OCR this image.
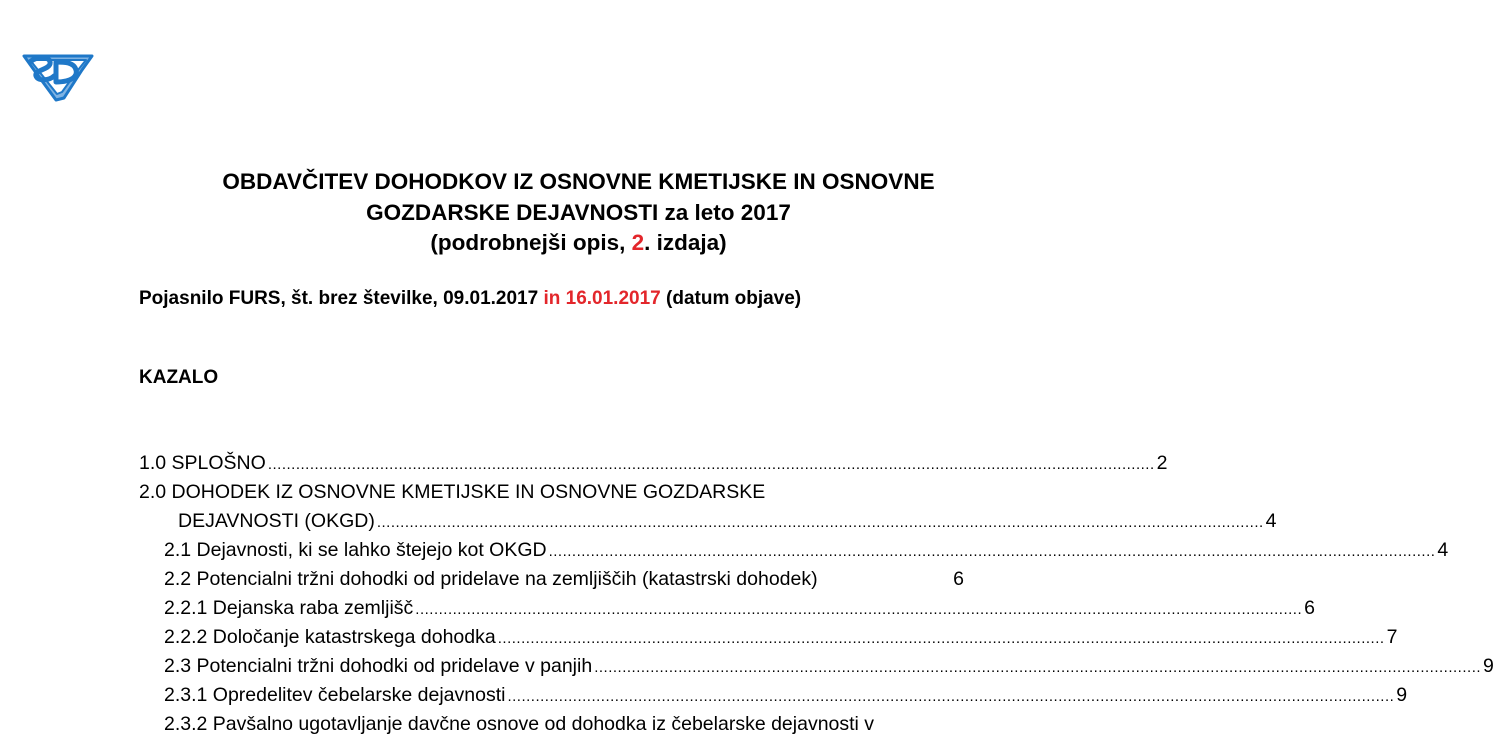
OBDAVČITEV DOHODKOV IZ OSNOVNE KMETIJSKE IN OSNOVNE
GOZDARSKE DEJAVNOSTI za leto 2017
(podrobnejši opis, 2. izdaja)
Pojasnilo FURS, št. brez številke, 09.01.2017 in 16.01.2017 (datum objave)
KAZALO
1.0 SPLOŠNO .............................................................................................................................................................................................. 2
2.0 DOHODEK IZ OSNOVNE KMETIJSKE IN OSNOVNE GOZDARSKE
DEJAVNOSTI (OKGD) .............................................................................................................................................................................................. 4
2.1 Dejavnosti, ki se lahko štejejo kot OKGD .............................................................................................................................................................................................. 4
2.2 Potencialni tržni dohodki od pridelave na zemljiščih (katastrski dohodek)	6
2.2.1 Dejanska raba zemljišč .............................................................................................................................................................................................. 6
2.2.2 Določanje katastrskega dohodka .............................................................................................................................................................................................. 7
2.3 Potencialni tržni dohodki od pridelave v panjih .............................................................................................................................................................................................. 9
2.3.1 Opredelitev čebelarske dejavnosti .............................................................................................................................................................................................. 9
2.3.2 Pavšalno ugotavljanje davčne osnove od dohodka iz čebelarske dejavnosti v
